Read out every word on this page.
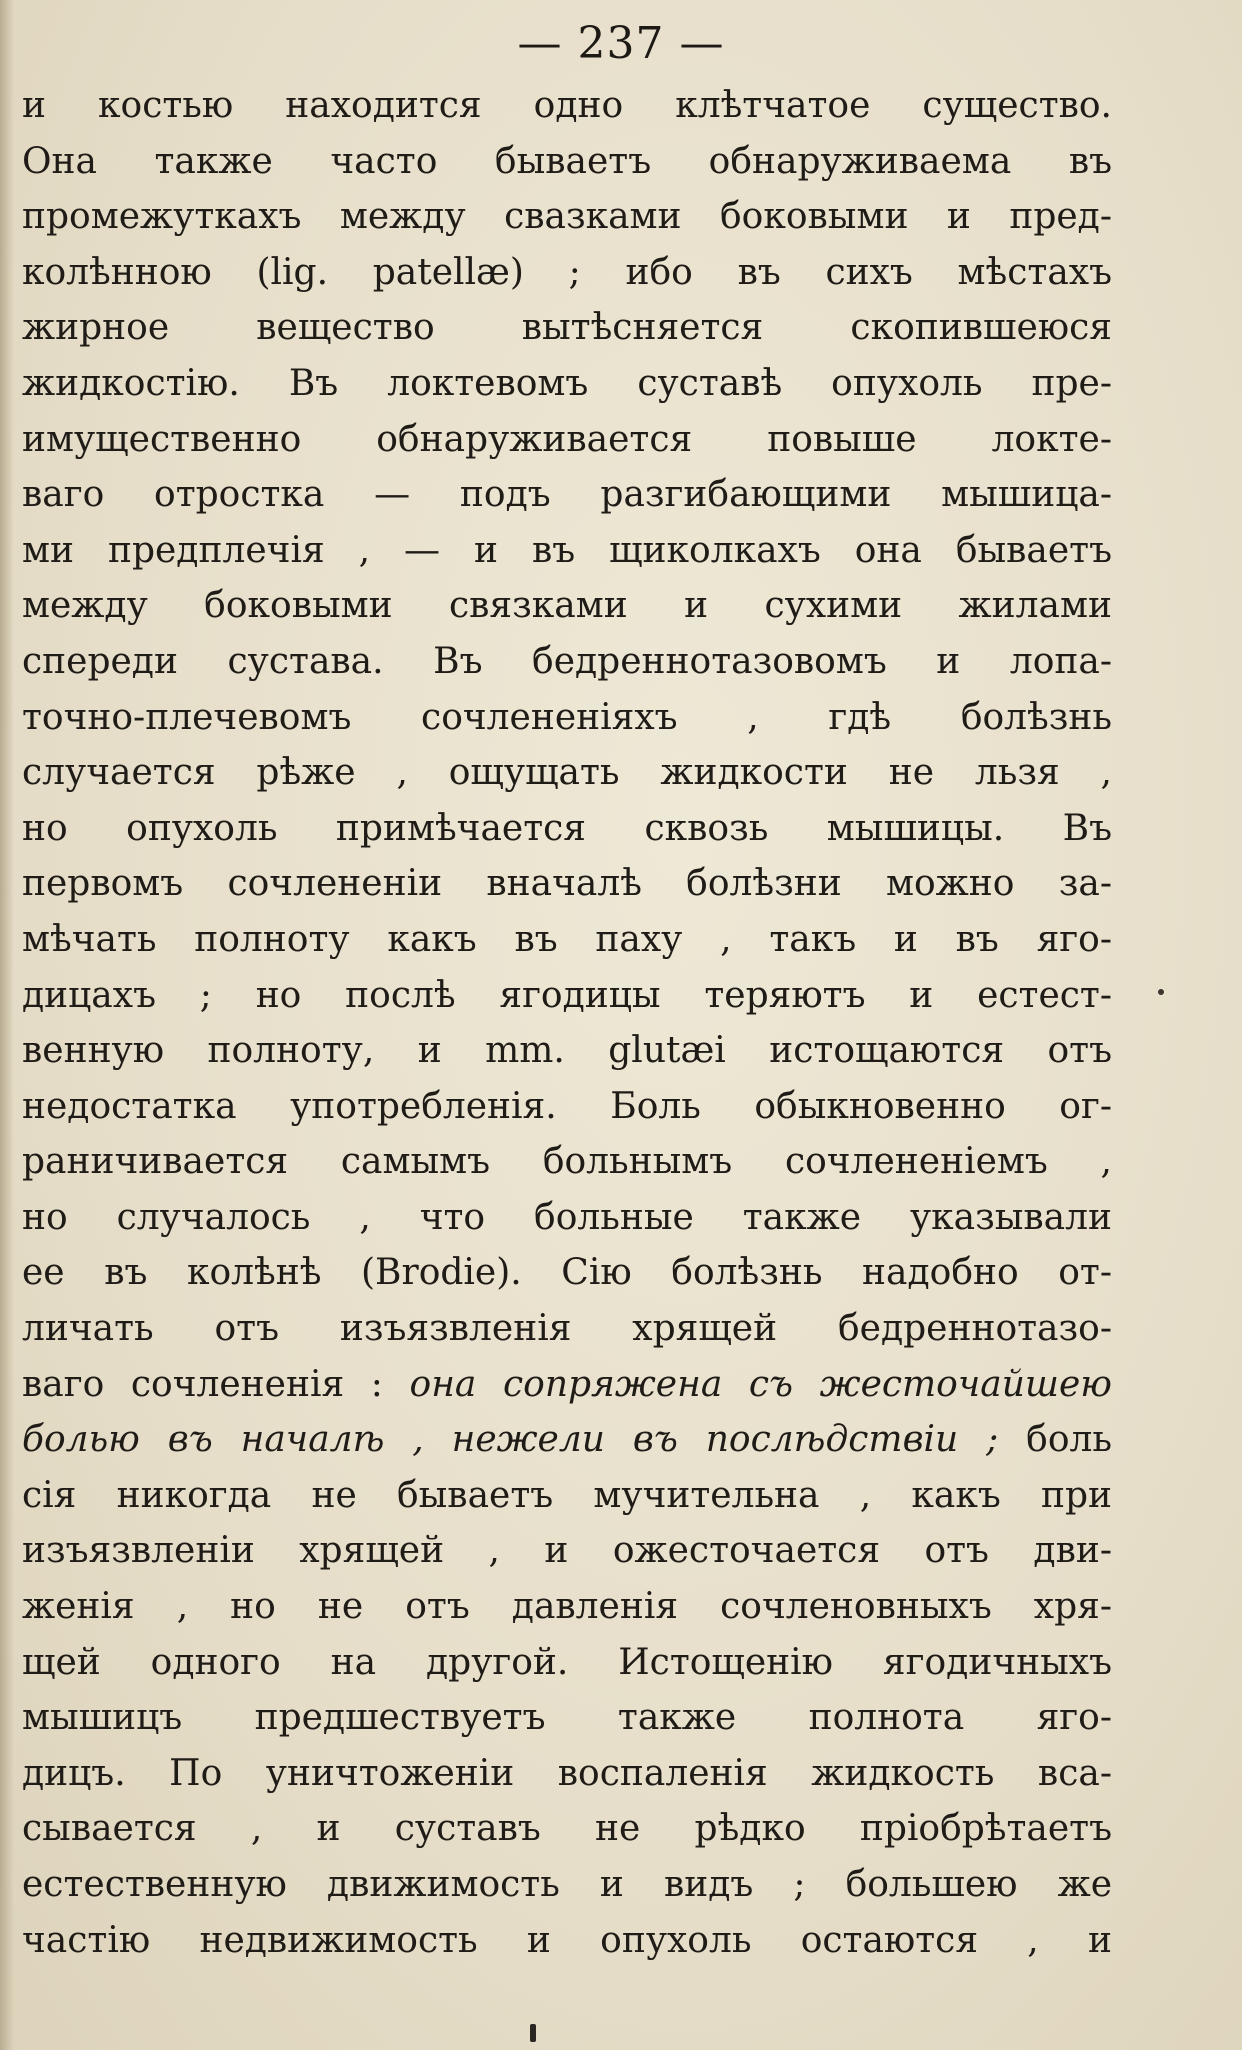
— 237 —
и костью находится одно клѣтчатое существо.
Она также часто бываетъ обнаруживаема въ
промежуткахъ между свазками боковыми и пред-
колѣнною (lig. patellæ) ; ибо въ сихъ мѣстахъ
жирное вещество вытѣсняется скопившеюся
жидкостію. Въ локтевомъ суставѣ опухоль пре-
имущественно обнаруживается повыше локте-
ваго отростка — подъ разгибающими мышица-
ми предплечія , — и въ щиколкахъ она бываетъ
между боковыми связками и сухими жилами
спереди сустава. Въ бедреннотазовомъ и лопа-
точно-плечевомъ сочлененіяхъ , гдѣ болѣзнь
случается рѣже , ощущать жидкости не льзя ,
но опухоль примѣчается сквозь мышицы. Въ
первомъ сочлененіи вначалѣ болѣзни можно за-
мѣчать полноту какъ въ паху , такъ и въ яго-
дицахъ ; но послѣ ягодицы теряютъ и естест-
венную полноту, и mm. glutæi истощаются отъ
недостатка употребленія. Боль обыкновенно ог-
раничивается самымъ больнымъ сочлененіемъ ,
но случалось , что больные также указывали
ее въ колѣнѣ (Brodie). Сію болѣзнь надобно от-
личать отъ изъязвленія хрящей бедреннотазо-
ваго сочлененія : она сопряжена съ жесточайшею
болью въ началѣ , нежели въ послѣдствіи ; боль
сія никогда не бываетъ мучительна , какъ при
изъязвленіи хрящей , и ожесточается отъ дви-
женія , но не отъ давленія сочленовныхъ хря-
щей одного на другой. Истощенію ягодичныхъ
мышицъ предшествуетъ также полнота яго-
дицъ. По уничтоженіи воспаленія жидкость вса-
сывается , и суставъ не рѣдко пріобрѣтаетъ
естественную движимость и видъ ; большею же
частію недвижимость и опухоль остаются , и
